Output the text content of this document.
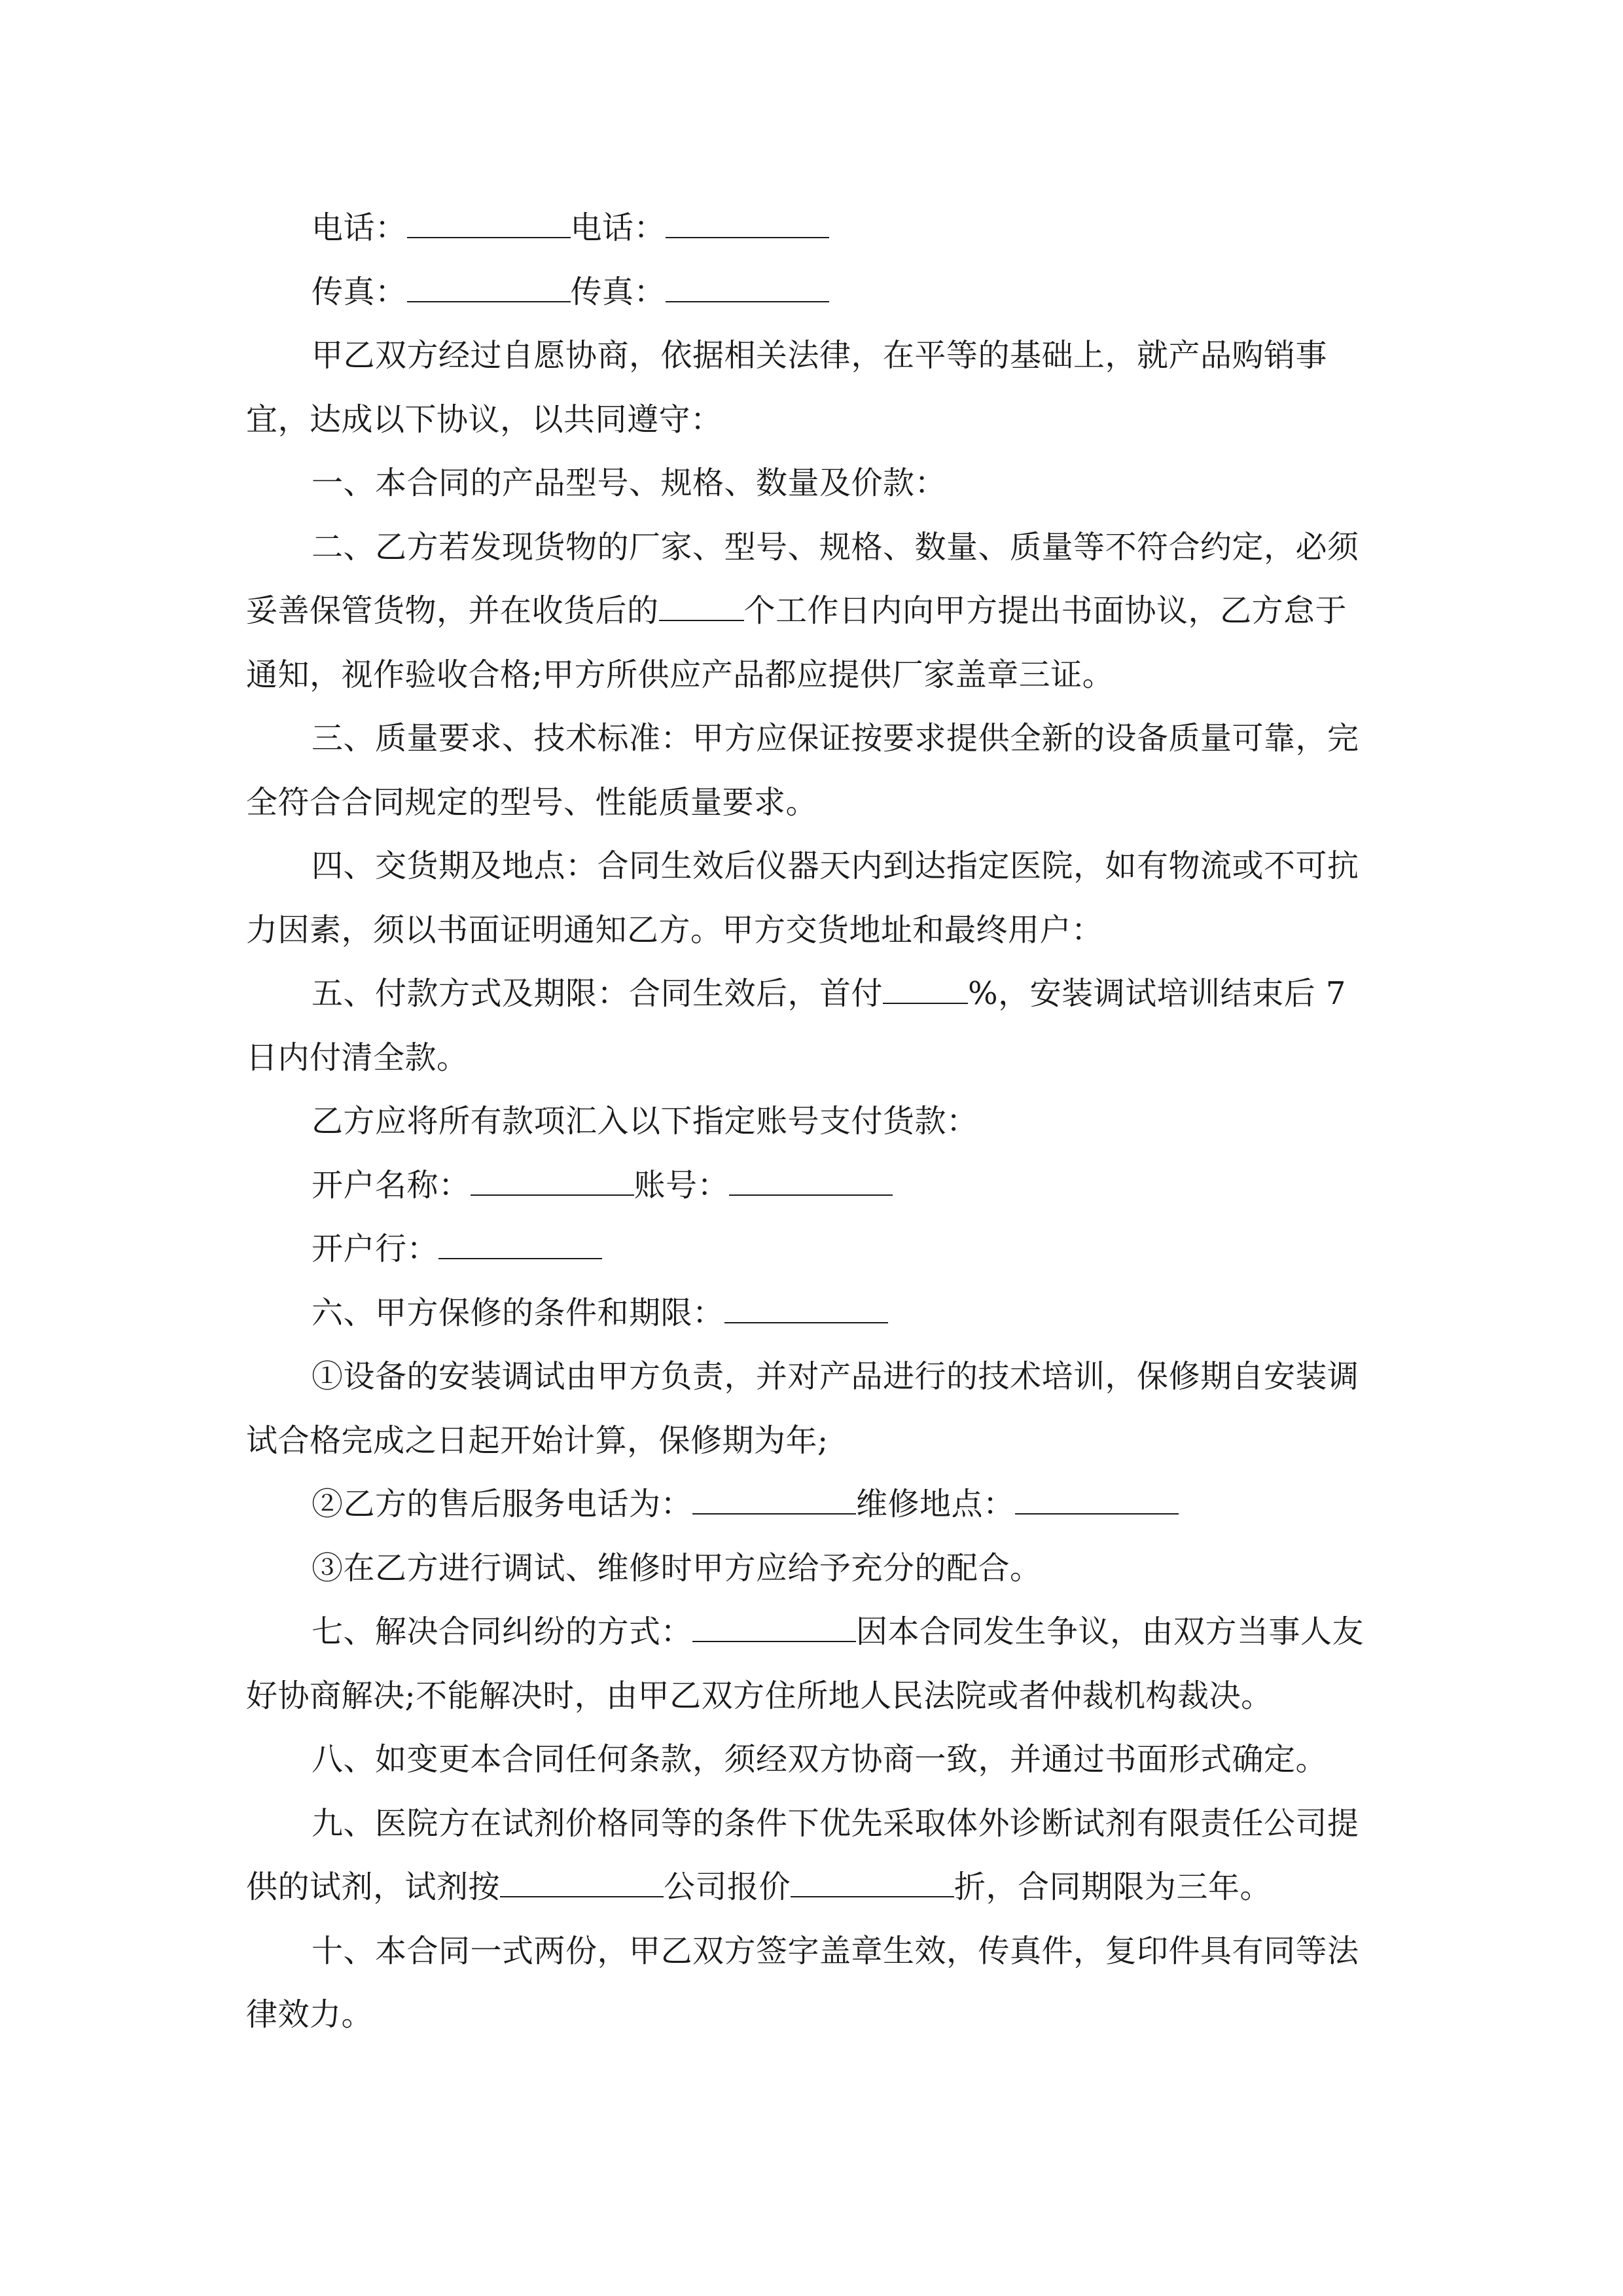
电话：	电话：

传真：	传真：

甲乙双方经过自愿协商，依据相关法律，在平等的基础上，就产品购销事宜，达成以下协议，以共同遵守：

一、本合同的产品型号、规格、数量及价款：

二、乙方若发现货物的厂家、型号、规格、数量、质量等不符合约定，必须妥善保管货物，并在收货后的	个工作日内向甲方提出书面协议，乙方怠于通知，视作验收合格;甲方所供应产品都应提供厂家盖章三证。

三、质量要求、技术标准：甲方应保证按要求提供全新的设备质量可靠，完全符合合同规定的型号、性能质量要求。

四、交货期及地点：合同生效后仪器天内到达指定医院，如有物流或不可抗力因素，须以书面证明通知乙方。甲方交货地址和最终用户：

五、付款方式及期限：合同生效后，首付	%，安装调试培训结束后 7 日内付清全款。

乙方应将所有款项汇入以下指定账号支付货款：

开户名称：	账号：

开户行：

六、甲方保修的条件和期限：

①设备的安装调试由甲方负责，并对产品进行的技术培训，保修期自安装调试合格完成之日起开始计算，保修期为年;

②乙方的售后服务电话为：	维修地点：

③在乙方进行调试、维修时甲方应给予充分的配合。

七、解决合同纠纷的方式：	因本合同发生争议，由双方当事人友好协商解决;不能解决时，由甲乙双方住所地人民法院或者仲裁机构裁决。

八、如变更本合同任何条款，须经双方协商一致，并通过书面形式确定。

九、医院方在试剂价格同等的条件下优先采取体外诊断试剂有限责任公司提供的试剂，试剂按	公司报价	折，合同期限为三年。

十、本合同一式两份，甲乙双方签字盖章生效，传真件，复印件具有同等法律效力。
